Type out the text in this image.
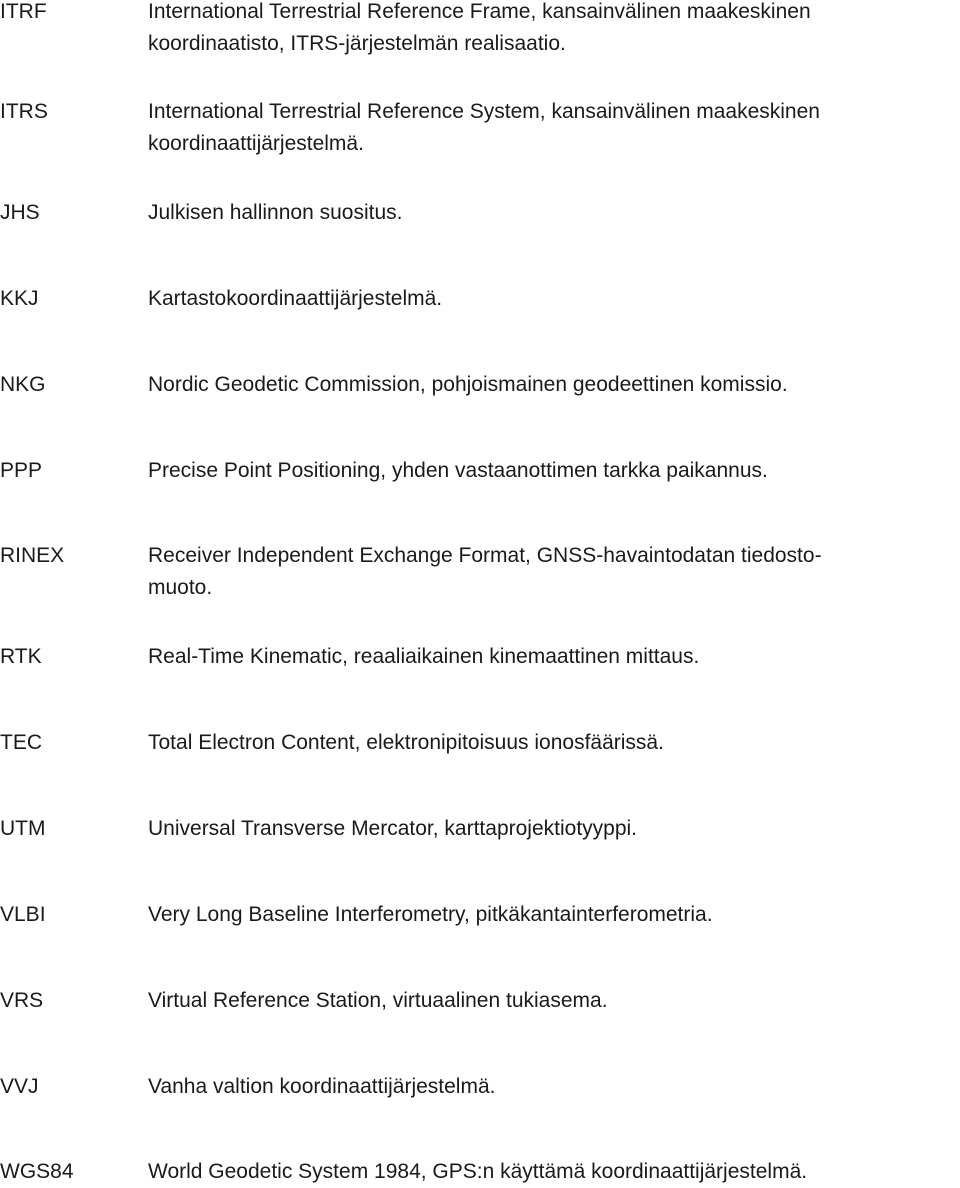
ITRF	International Terrestrial Reference Frame, kansainvälinen maakeskinen
koordinaatisto, ITRS-järjestelmän realisaatio.
ITRS	International Terrestrial Reference System, kansainvälinen maakeskinen
koordinaattijärjestelmä.
JHS	Julkisen hallinnon suositus.
KKJ	Kartastokoordinaattijärjestelmä.
NKG	Nordic Geodetic Commission, pohjoismainen geodeettinen komissio.
PPP	Precise Point Positioning, yhden vastaanottimen tarkka paikannus.
RINEX	Receiver Independent Exchange Format, GNSS-havaintodatan tiedosto-
muoto.
RTK	Real-Time Kinematic, reaaliaikainen kinemaattinen mittaus.
TEC	Total Electron Content, elektronipitoisuus ionosfäärissä.
UTM	Universal Transverse Mercator, karttaprojektiotyyppi.
VLBI	Very Long Baseline Interferometry, pitkäkantainterferometria.
VRS	Virtual Reference Station, virtuaalinen tukiasema.
VVJ	Vanha valtion koordinaattijärjestelmä.
WGS84	World Geodetic System 1984, GPS:n käyttämä koordinaattijärjestelmä.
